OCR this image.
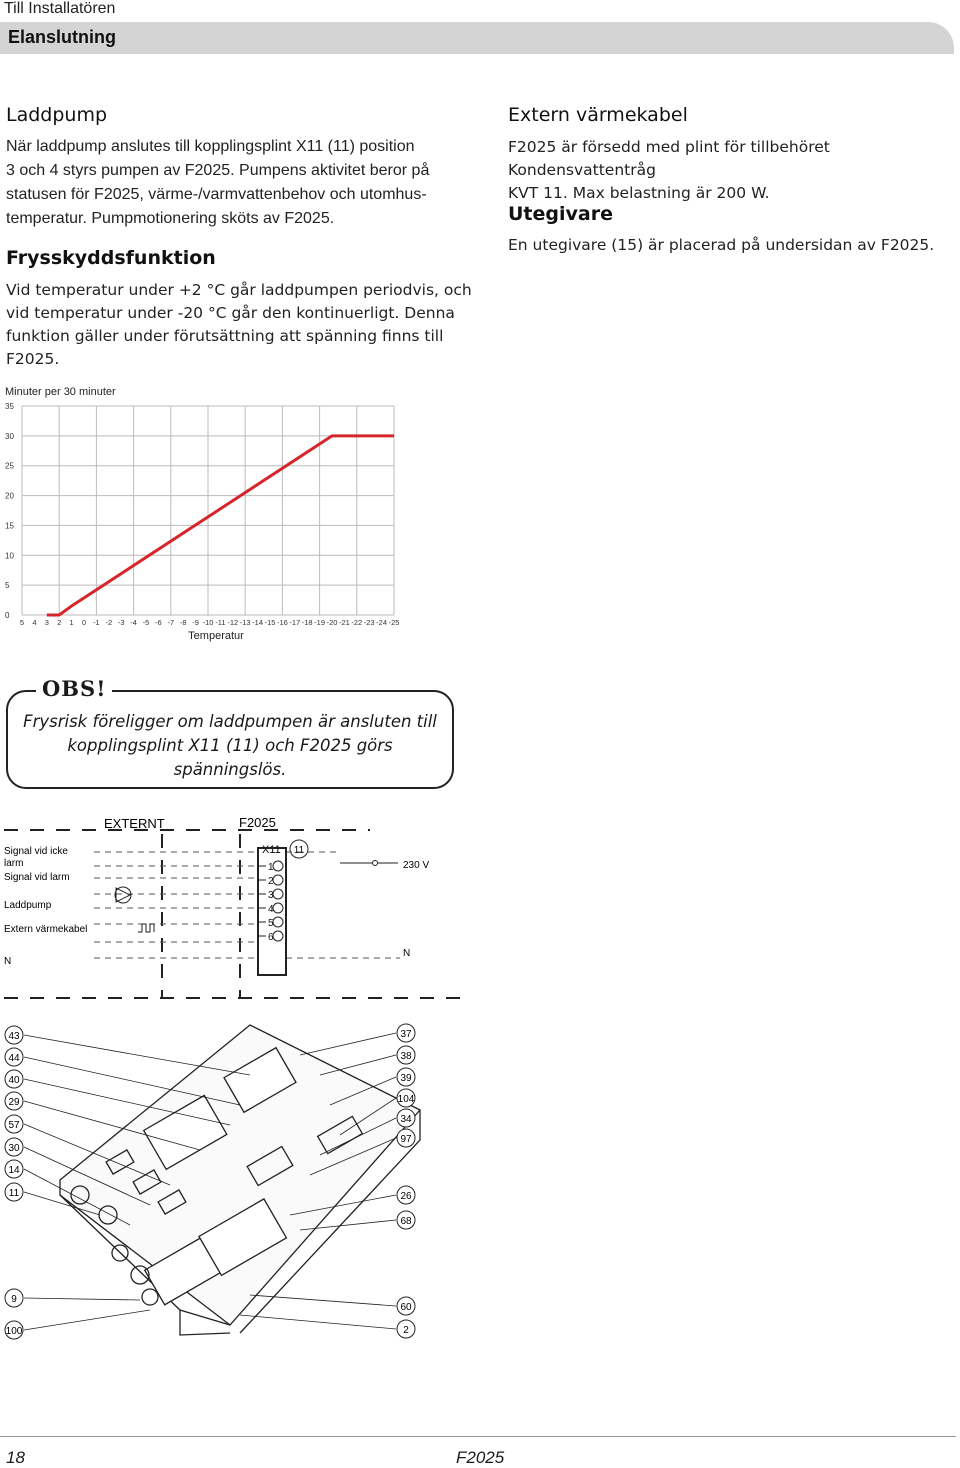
Till Installatören
Elanslutning
Laddpump
När laddpump anslutes till kopplingsplint X11 (11) position
3 och 4 styrs pumpen av F2025. Pumpens aktivitet beror på
statusen för F2025, värme-/varmvattenbehov och utomhus-
temperatur. Pumpmotionering sköts av F2025.
Frysskyddsfunktion
Vid temperatur under +2 °C går laddpumpen periodvis, och
vid temperatur under -20 °C går den kontinuerligt. Denna
funktion gäller under förutsättning att spänning finns till
F2025.
Extern värmekabel
F2025 är försedd med plint för tillbehöret Kondensvattentråg
KVT 11. Max belastning är 200 W.
Utegivare
En utegivare (15) är placerad på undersidan av F2025.
Minuter per 30 minuter
0
5
10
15
20
25
30
35
5 4 3 2 1 0 -1 -2 -3 -4 -5 -6 -7 -8 -9 -10 -11 -12 -13 -14 -15 -16 -17 -18 -19 -20 -21 -22 -23 -24 -25
Temperatur
OBS!
Frysrisk föreligger om laddpumpen är ansluten till
kopplingsplint X11 (11) och F2025 görs spänningslös.
EXTERNT	F2025
X11 11
Signal vid icke
larm
Signal vid larm
Laddpump
Extern värmekabel
N
230 V
N
1
2
3
4
5
6
43
44
40
29
57
30
14
11
9
100
37
38
39
104
34
97
26
68
60
2
18	F2025
